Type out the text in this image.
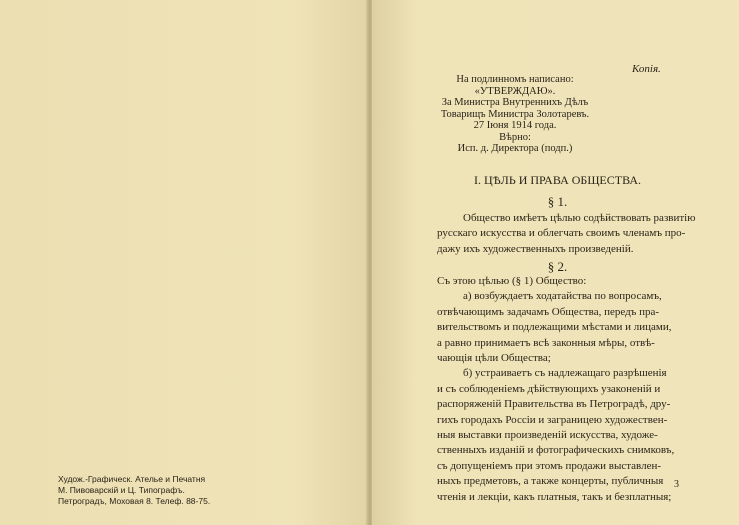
Худож.-Графическ. Ателье и Печатня
М. Пивоварскій и Ц. Типографъ.
Петроградъ, Моховая 8. Телеф. 88-75.
Копія.
На подлинномъ написано:
«УТВЕРЖДАЮ».
За Министра Внутреннихъ Дѣлъ
Товарищъ Министра Золотаревъ.
27 Іюня 1914 года.
Вѣрно:
Исп. д. Директора (подп.)
I. ЦѢЛЬ И ПРАВА ОБЩЕСТВА.
§ 1.
Общество имѣетъ цѣлью содѣйствовать развитію
русскаго искусства и облегчать своимъ членамъ про-
дажу ихъ художественныхъ произведеній.
§ 2.
Съ этою цѣлью (§ 1) Общество:
а) возбуждаетъ ходатайства по вопросамъ,
отвѣчающимъ задачамъ Общества, передъ пра-
вительствомъ и подлежащими мѣстами и лицами,
а равно принимаетъ всѣ законныя мѣры, отвѣ-
чающія цѣли Общества;
б) устраиваетъ съ надлежащаго разрѣшенія
и съ соблюденіемъ дѣйствующихъ узаконеній и
распоряженій Правительства въ Петроградѣ, дру-
гихъ городахъ Россіи и заграницею художествен-
ныя выставки произведеній искусства, художе-
ственныхъ изданій и фотографическихъ снимковъ,
съ допущеніемъ при этомъ продажи выставлен-
ныхъ предметовъ, а также концерты, публичныя
чтенія и лекціи, какъ платныя, такъ и безплатныя;
3
